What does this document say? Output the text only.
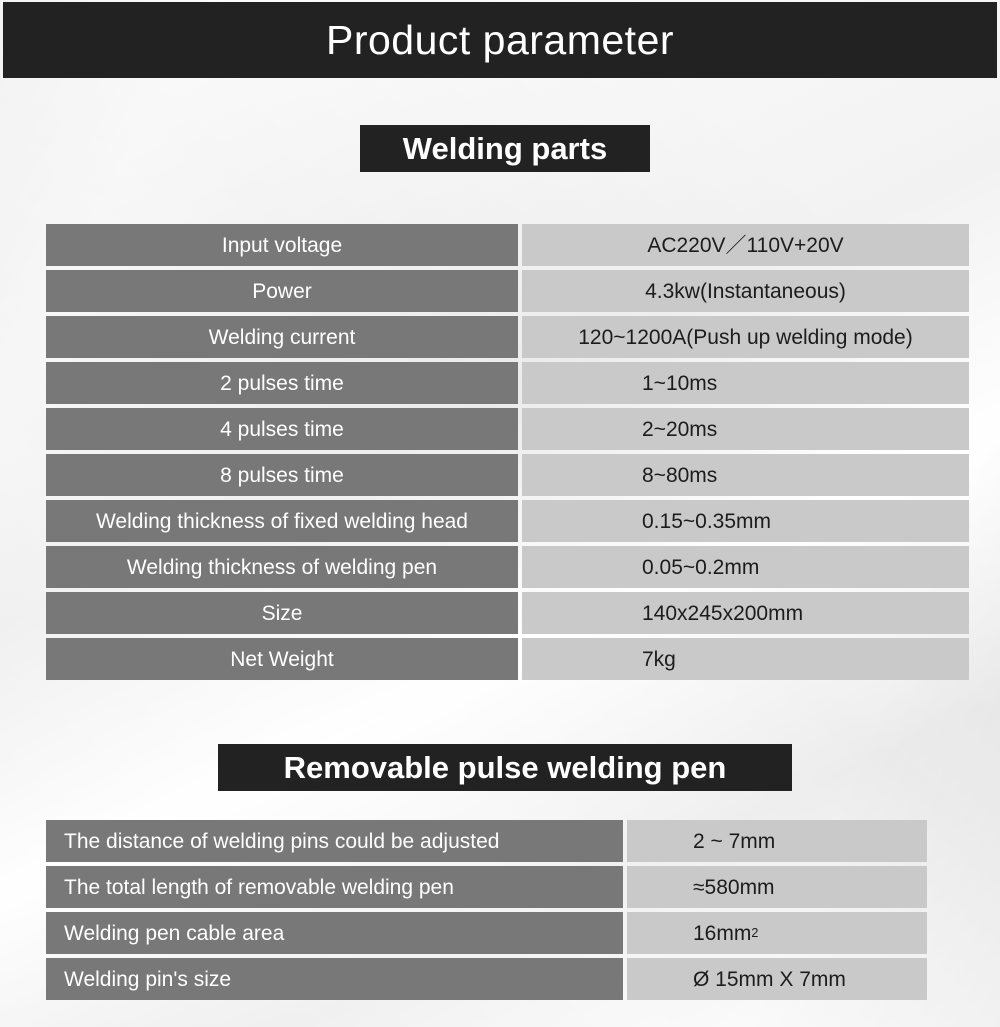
Product parameter
Welding parts
Input voltage	AC220V／110V+20V
Power	4.3kw(Instantaneous)
Welding current	120~1200A(Push up welding mode)
2 pulses time	1~10ms
4 pulses time	2~20ms
8 pulses time	8~80ms
Welding thickness of fixed welding head	0.15~0.35mm
Welding thickness of welding pen	0.05~0.2mm
Size	140x245x200mm
Net Weight	7kg
Removable pulse welding pen
The distance of welding pins could be adjusted	2 ~ 7mm
The total length of removable welding pen	≈580mm
Welding pen cable area	16mm 2
Welding pin's size	Ø 15mm X 7mm
